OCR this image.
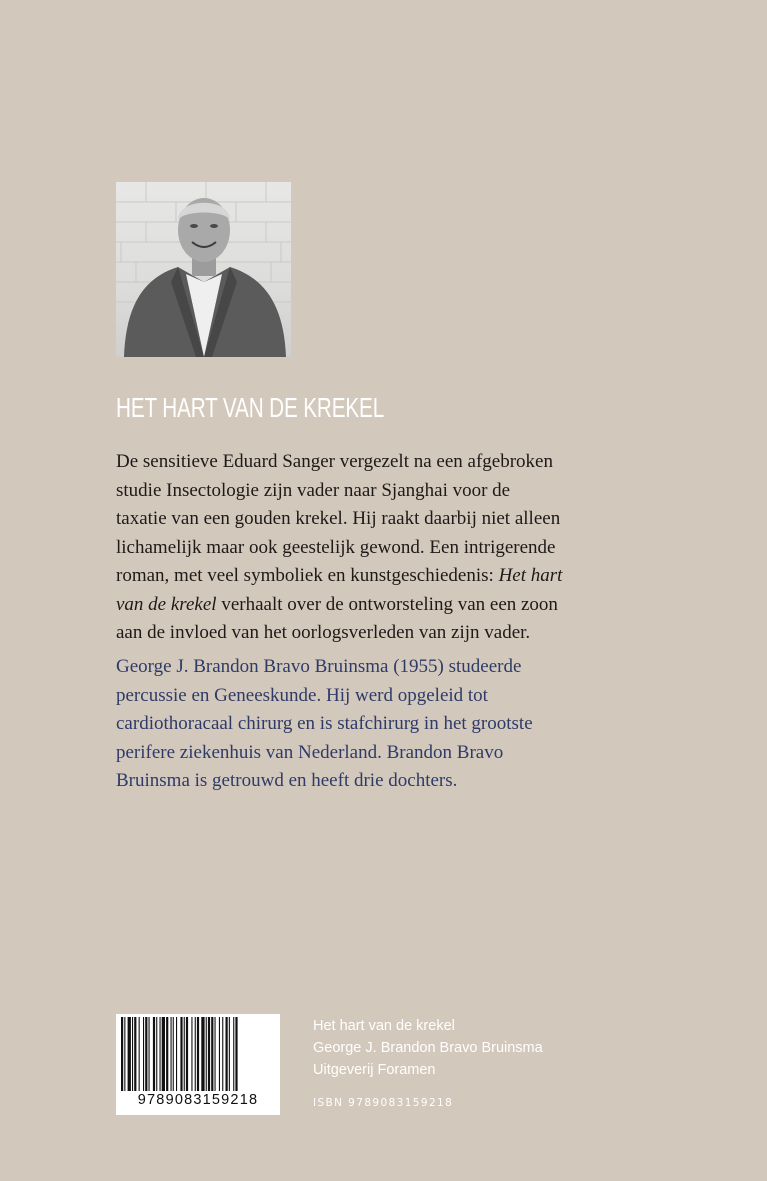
HET HART VAN DE KREKEL
De sensitieve Eduard Sanger vergezelt na een afgebroken
studie Insectologie zijn vader naar Sjanghai voor de
taxatie van een gouden krekel. Hij raakt daarbij niet alleen
lichamelijk maar ook geestelijk gewond. Een intrigerende
roman, met veel symboliek en kunstgeschiedenis: Het hart
van de krekel verhaalt over de ontworsteling van een zoon
aan de invloed van het oorlogsverleden van zijn vader.
George J. Brandon Bravo Bruinsma (1955) studeerde
percussie en Geneeskunde. Hij werd opgeleid tot
cardiothoracaal chirurg en is stafchirurg in het grootste
perifere ziekenhuis van Nederland. Brandon Bravo
Bruinsma is getrouwd en heeft drie dochters.
9789083159218
Het hart van de krekel
George J. Brandon Bravo Bruinsma
Uitgeverij Foramen
ISBN 9789083159218
